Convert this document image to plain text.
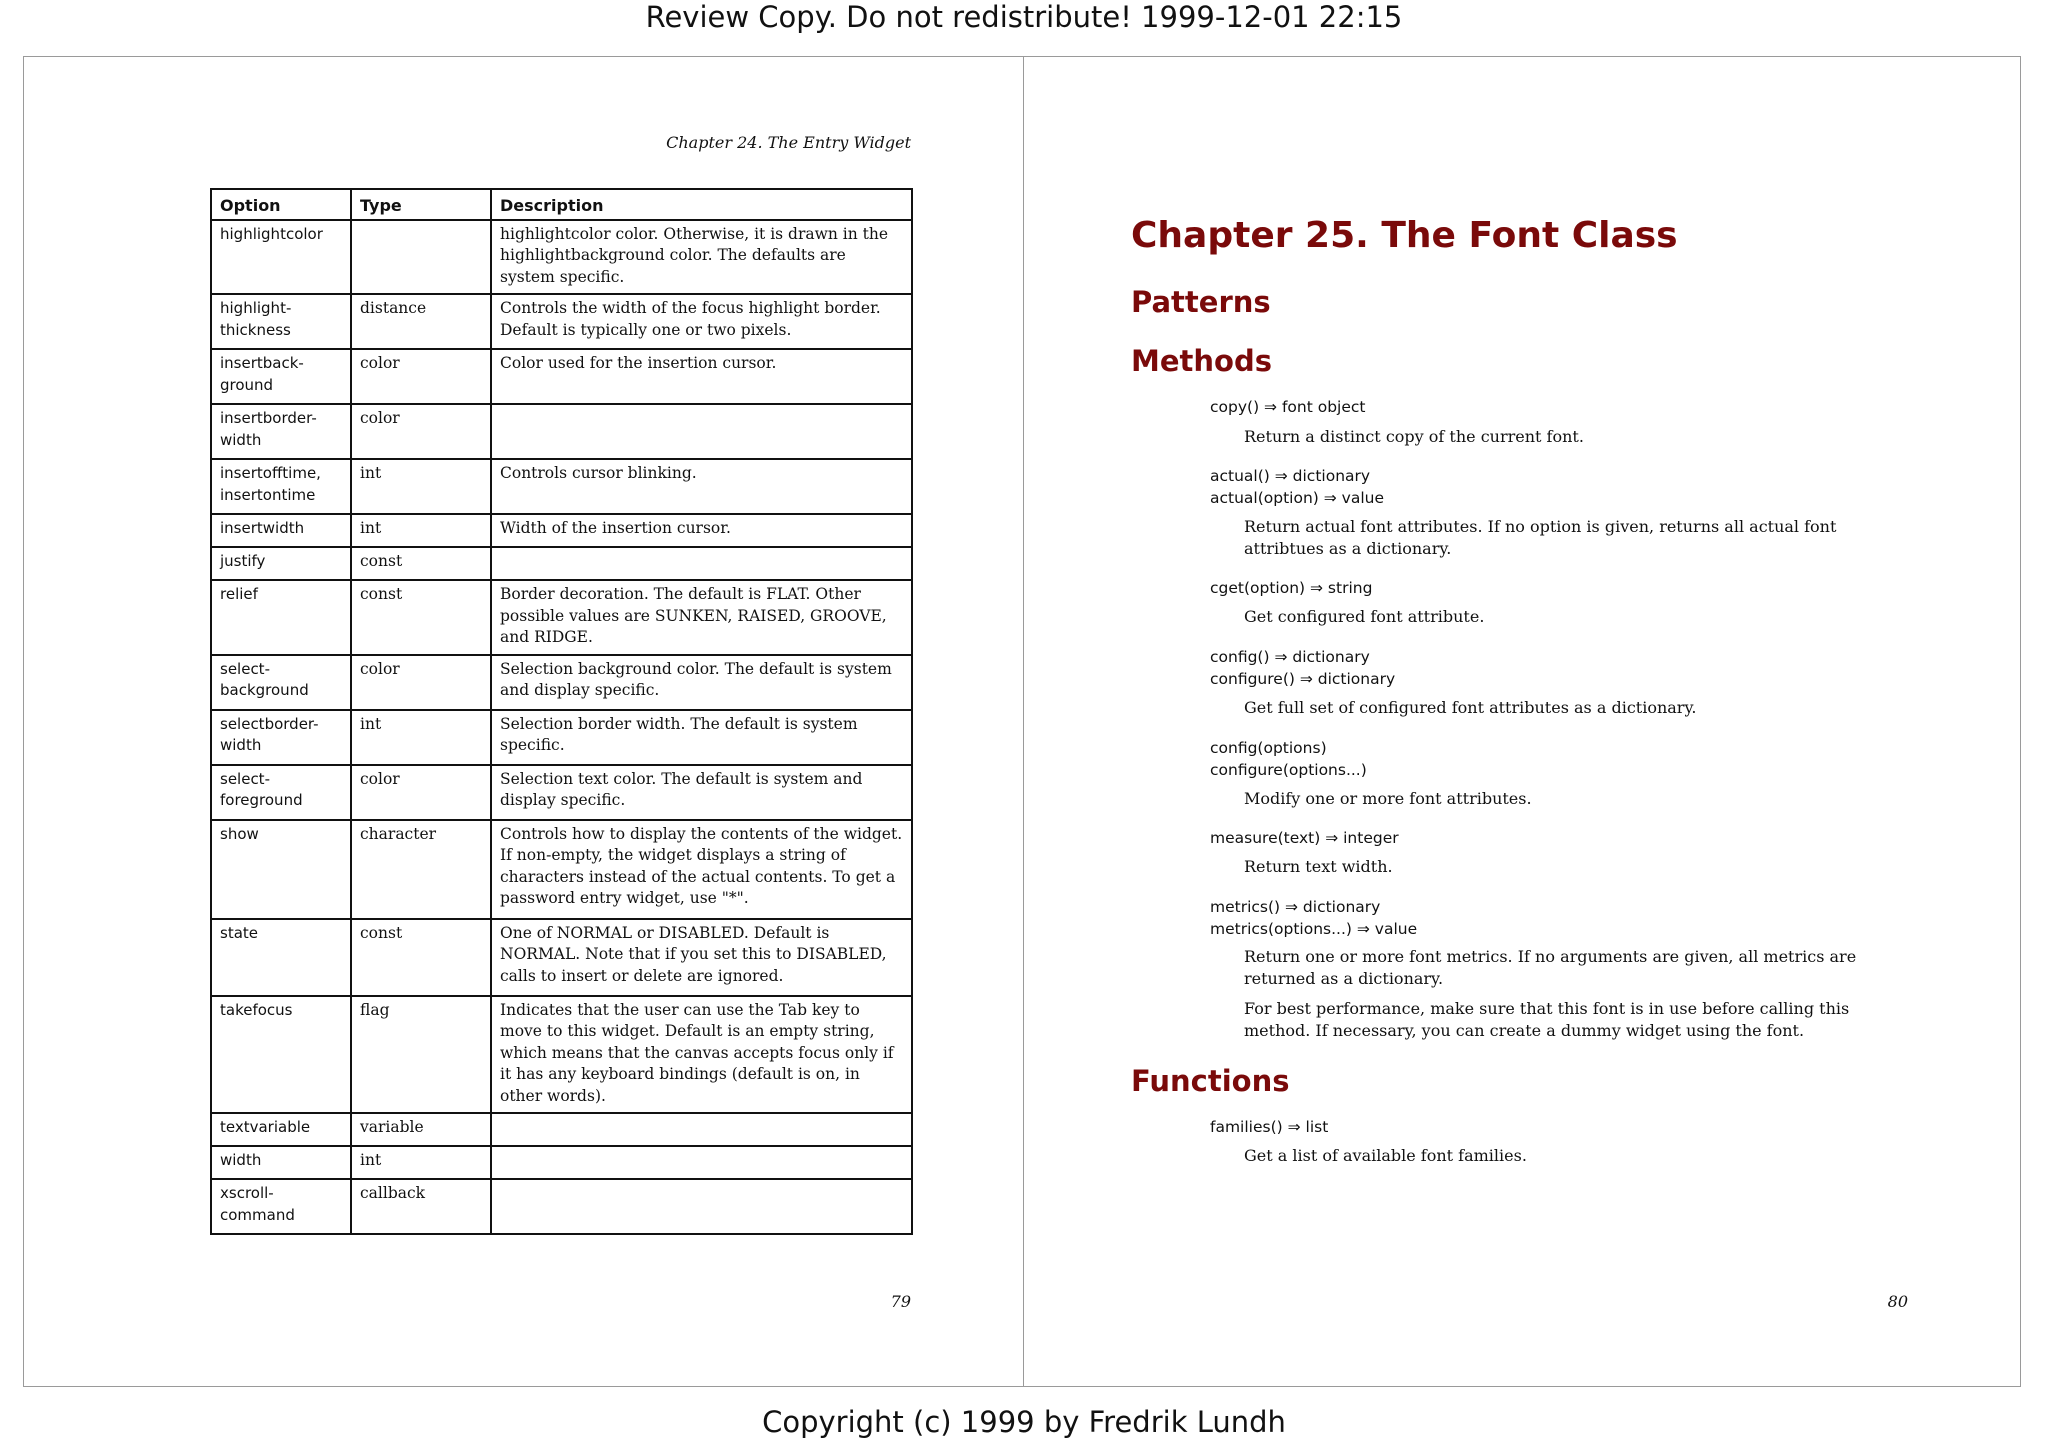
Review Copy. Do not redistribute! 1999-12-01 22:15
Chapter 24. The Entry Widget
Option	Type	Description
highlightcolor		highlightcolor color. Otherwise, it is drawn in the highlightbackground color. The defaults are system specific.
highlight-thickness	distance	Controls the width of the focus highlight border. Default is typically one or two pixels.
insertback-ground	color	Color used for the insertion cursor.
insertborder-width	color	
insertofftime, insertontime	int	Controls cursor blinking.
insertwidth	int	Width of the insertion cursor.
justify	const	
relief	const	Border decoration. The default is FLAT. Other possible values are SUNKEN, RAISED, GROOVE, and RIDGE.
select-background	color	Selection background color. The default is system and display specific.
selectborder-width	int	Selection border width. The default is system specific.
select-foreground	color	Selection text color. The default is system and display specific.
show	character	Controls how to display the contents of the widget. If non-empty, the widget displays a string of characters instead of the actual contents. To get a password entry widget, use "*".
state	const	One of NORMAL or DISABLED. Default is NORMAL. Note that if you set this to DISABLED, calls to insert or delete are ignored.
takefocus	flag	Indicates that the user can use the Tab key to move to this widget. Default is an empty string, which means that the canvas accepts focus only if it has any keyboard bindings (default is on, in other words).
textvariable	variable	
width	int	
xscroll-command	callback	
79
Chapter 25. The Font Class
Patterns
Methods
copy() ⇒ font object
Return a distinct copy of the current font.
actual() ⇒ dictionary
actual(option) ⇒ value
Return actual font attributes. If no option is given, returns all actual font attribtues as a dictionary.
cget(option) ⇒ string
Get configured font attribute.
config() ⇒ dictionary
configure() ⇒ dictionary
Get full set of configured font attributes as a dictionary.
config(options)
configure(options...)
Modify one or more font attributes.
measure(text) ⇒ integer
Return text width.
metrics() ⇒ dictionary
metrics(options...) ⇒ value
Return one or more font metrics. If no arguments are given, all metrics are returned as a dictionary.
For best performance, make sure that this font is in use before calling this method. If necessary, you can create a dummy widget using the font.
Functions
families() ⇒ list
Get a list of available font families.
80
Copyright (c) 1999 by Fredrik Lundh
